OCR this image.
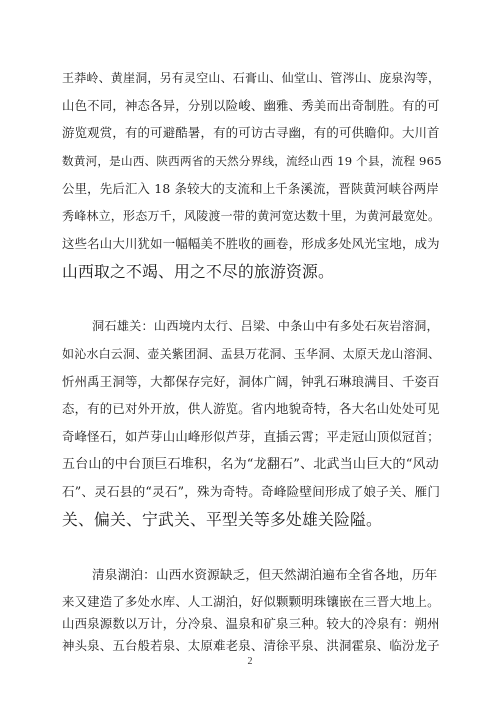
王莽岭、黄崖洞，另有灵空山、石膏山、仙堂山、管涔山、庞泉沟等，
山色不同，神态各异，分别以险峻、幽雅、秀美而出奇制胜。有的可
游览观赏，有的可避酷暑，有的可访古寻幽，有的可供瞻仰。大川首
数黄河，是山西、陕西两省的天然分界线，流经山西 19 个县，流程 965
公里，先后汇入 18 条较大的支流和上千条溪流，晋陕黄河峡谷两岸
秀峰林立，形态万千，风陵渡一带的黄河宽达数十里，为黄河最宽处。
这些名山大川犹如一幅幅美不胜收的画卷，形成多处风光宝地，成为
山西取之不竭、用之不尽的旅游资源。
洞石雄关：山西境内太行、吕梁、中条山中有多处石灰岩溶洞，
如沁水白云洞、壶关紫团洞、盂县万花洞、玉华洞、太原天龙山溶洞、
忻州禹王洞等，大都保存完好，洞体广阔，钟乳石琳琅满目、千姿百
态，有的已对外开放，供人游览。省内地貌奇特，各大名山处处可见
奇峰怪石，如芦芽山山峰形似芦芽，直插云霄；平走冠山顶似冠首；
五台山的中台顶巨石堆积，名为“龙翻石”、北武当山巨大的“风动
石”、灵石县的“灵石”，殊为奇特。奇峰险壁间形成了娘子关、雁门
关、偏关、宁武关、平型关等多处雄关险隘。
清泉湖泊：山西水资源缺乏，但天然湖泊遍布全省各地，历年
来又建造了多处水库、人工湖泊，好似颗颗明珠镶嵌在三晋大地上。
山西泉源数以万计，分冷泉、温泉和矿泉三种。较大的冷泉有：朔州
神头泉、五台般若泉、太原难老泉、清徐平泉、洪洞霍泉、临汾龙子
2
